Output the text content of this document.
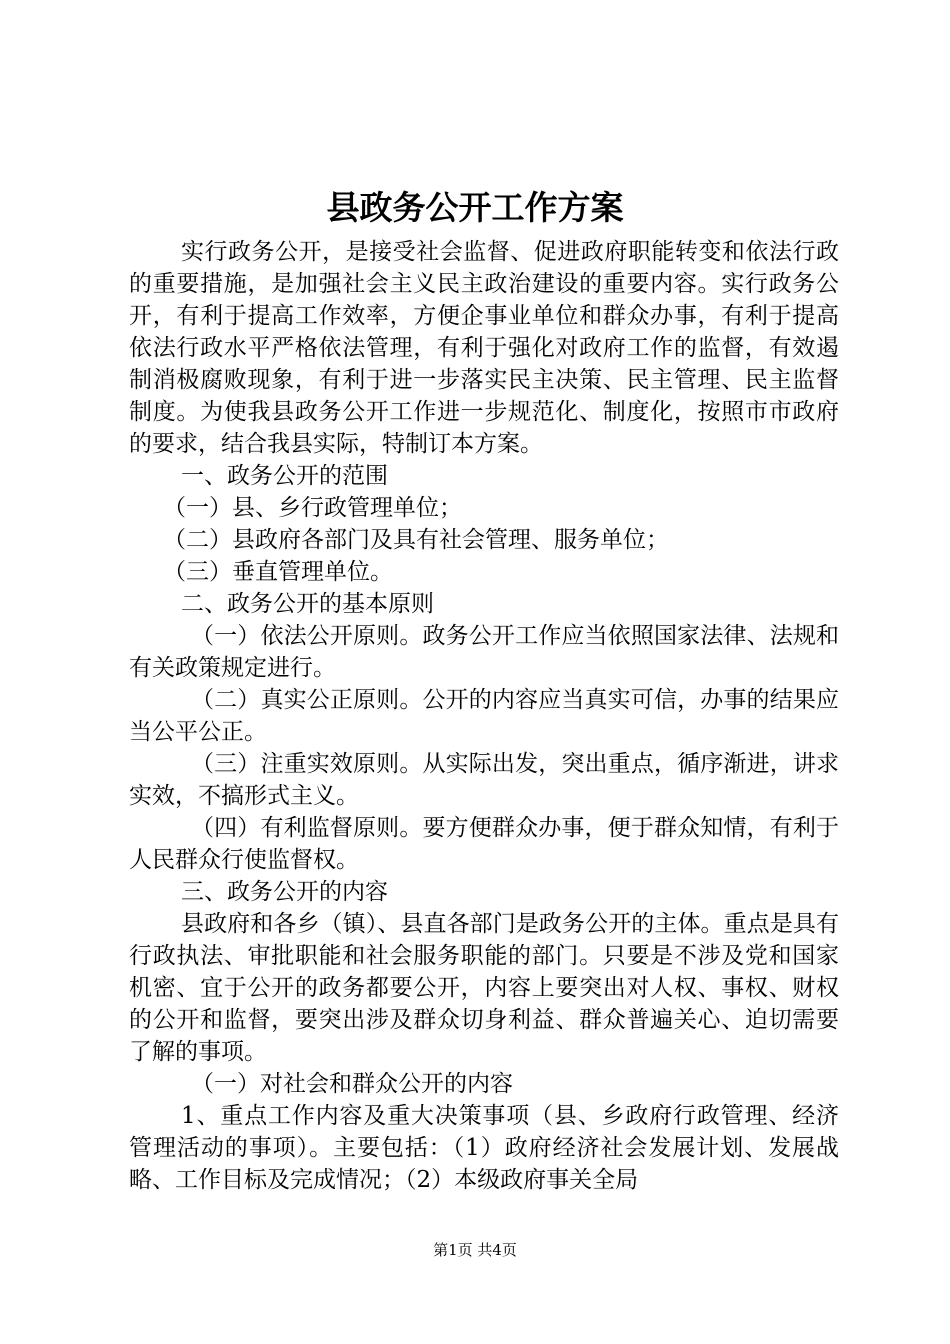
县政务公开工作方案

实行政务公开，是接受社会监督、促进政府职能转变和依法行政的重要措施，是加强社会主义民主政治建设的重要内容。实行政务公开，有利于提高工作效率，方便企事业单位和群众办事，有利于提高依法行政水平严格依法管理，有利于强化对政府工作的监督，有效遏制消极腐败现象，有利于进一步落实民主决策、民主管理、民主监督制度。为使我县政务公开工作进一步规范化、制度化，按照市市政府的要求，结合我县实际，特制订本方案。

一、政务公开的范围

（一）县、乡行政管理单位；

（二）县政府各部门及具有社会管理、服务单位；

（三）垂直管理单位。

二、政务公开的基本原则

（一）依法公开原则。政务公开工作应当依照国家法律、法规和有关政策规定进行。

（二）真实公正原则。公开的内容应当真实可信，办事的结果应当公平公正。

（三）注重实效原则。从实际出发，突出重点，循序渐进，讲求实效，不搞形式主义。

（四）有利监督原则。要方便群众办事，便于群众知情，有利于人民群众行使监督权。

三、政务公开的内容

县政府和各乡（镇）、县直各部门是政务公开的主体。重点是具有行政执法、审批职能和社会服务职能的部门。只要是不涉及党和国家机密、宜于公开的政务都要公开，内容上要突出对人权、事权、财权的公开和监督，要突出涉及群众切身利益、群众普遍关心、迫切需要了解的事项。

（一）对社会和群众公开的内容

1、重点工作内容及重大决策事项（县、乡政府行政管理、经济管理活动的事项）。主要包括：（1）政府经济社会发展计划、发展战略、工作目标及完成情况；（2）本级政府事关全局

第1页 共4页
